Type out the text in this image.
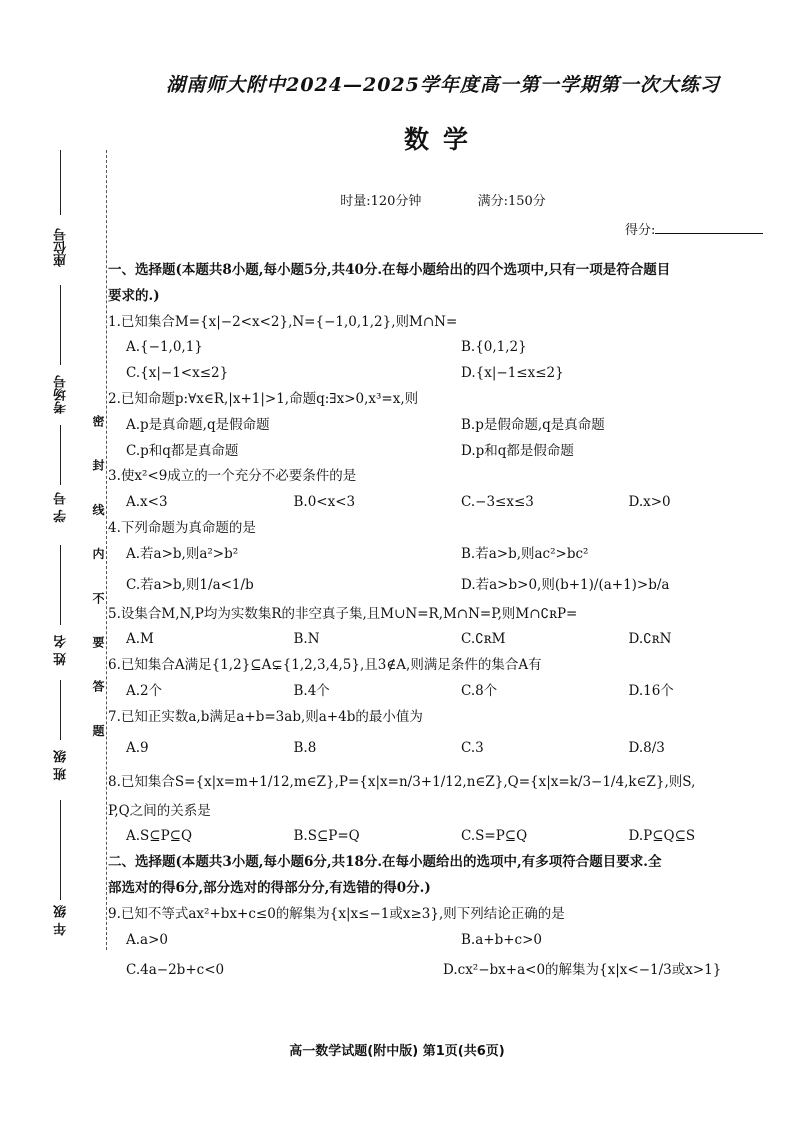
座位号
考场号
学 号
姓 名
班 级
年 级
密 封 线 内 不 要 答 题
湖南师大附中2024—2025学年度高一第一学期第一次大练习
数学
时量:120分钟	满分:150分
得分:
一、选择题(本题共8小题,每小题5分,共40分.在每小题给出的四个选项中,只有一项是符合题目
要求的.)
1.已知集合M={x|−2<x<2},N={−1,0,1,2},则M∩N=
A.{−1,0,1}	B.{0,1,2}
C.{x|−1<x≤2}	D.{x|−1≤x≤2}
2.已知命题p:∀x∈R,|x+1|>1,命题q:∃x>0,x³=x,则
A.p是真命题,q是假命题	B.p是假命题,q是真命题
C.p和q都是真命题	D.p和q都是假命题
3.使x²<9成立的一个充分不必要条件的是
A.x<3	B.0<x<3	C.−3≤x≤3	D.x>0
4.下列命题为真命题的是
A.若a>b,则a²>b²	B.若a>b,则ac²>bc²
C.若a>b,则1/a<1/b	D.若a>b>0,则(b+1)/(a+1)>b/a
5.设集合M,N,P均为实数集R的非空真子集,且M∪N=R,M∩N=P,则M∩∁ʀP=
A.M	B.N	C.∁ʀM	D.∁ʀN
6.已知集合A满足{1,2}⊆A⊊{1,2,3,4,5},且3∉A,则满足条件的集合A有
A.2个	B.4个	C.8个	D.16个
7.已知正实数a,b满足a+b=3ab,则a+4b的最小值为
A.9	B.8	C.3	D.8/3
8.已知集合S={x|x=m+1/12,m∈Z},P={x|x=n/3+1/12,n∈Z},Q={x|x=k/3−1/4,k∈Z},则S,
P,Q之间的关系是
A.S⊆P⊆Q	B.S⊆P=Q	C.S=P⊆Q	D.P⊆Q⊆S
二、选择题(本题共3小题,每小题6分,共18分.在每小题给出的选项中,有多项符合题目要求.全
部选对的得6分,部分选对的得部分分,有选错的得0分.)
9.已知不等式ax²+bx+c≤0的解集为{x|x≤−1或x≥3},则下列结论正确的是
A.a>0	B.a+b+c>0
C.4a−2b+c<0	D.cx²−bx+a<0的解集为{x|x<−1/3或x>1}
高一数学试题(附中版) 第1页(共6页)
